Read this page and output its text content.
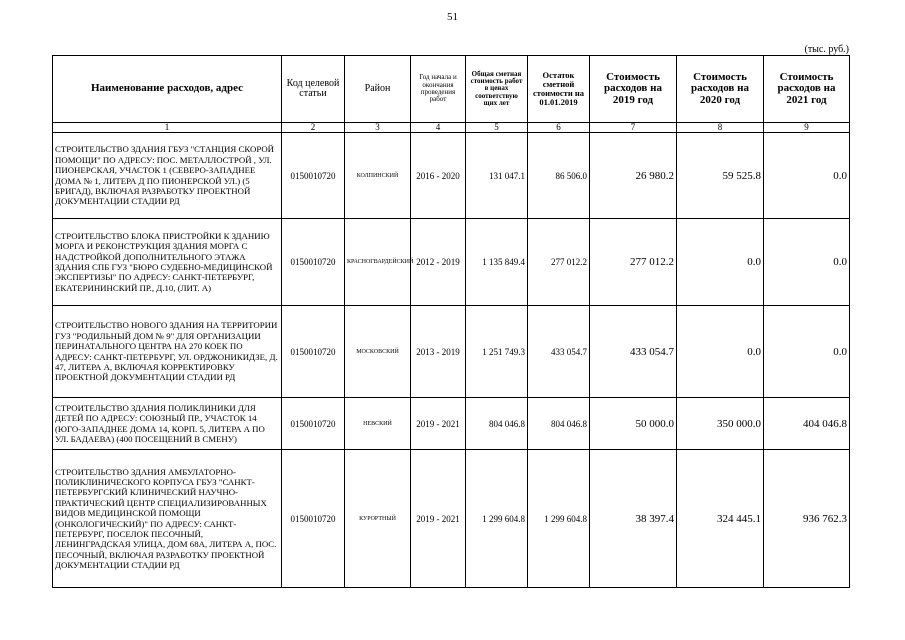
51
(тыс. руб.)
Наименование расходов, адрес	Код целевой статьи	Район	Год начала и окончания проведения работ	Общая сметная стоимость работ в ценах соответствую щих лет	Остаток сметной стоимости на 01.01.2019	Стоимость расходов на 2019 год	Стоимость расходов на 2020 год	Стоимость расходов на 2021 год
1	2	3	4	5	6	7	8	9
СТРОИТЕЛЬСТВО ЗДАНИЯ ГБУЗ "СТАНЦИЯ СКОРОЙ ПОМОЩИ" ПО АДРЕСУ: ПОС. МЕТАЛЛОСТРОЙ , УЛ. ПИОНЕРСКАЯ, УЧАСТОК 1 (СЕВЕРО-ЗАПАДНЕЕ ДОМА № 1, ЛИТЕРА Д ПО ПИОНЕРСКОЙ УЛ.) (5 БРИГАД), ВКЛЮЧАЯ РАЗРАБОТКУ ПРОЕКТНОЙ ДОКУМЕНТАЦИИ СТАДИИ РД	0150010720	КОЛПИНСКИЙ	2016 - 2020	131 047.1	86 506.0	26 980.2	59 525.8	0.0
СТРОИТЕЛЬСТВО БЛОКА ПРИСТРОЙКИ К ЗДАНИЮ МОРГА И РЕКОНСТРУКЦИЯ ЗДАНИЯ МОРГА С НАДСТРОЙКОЙ ДОПОЛНИТЕЛЬНОГО ЭТАЖА ЗДАНИЯ СПБ ГУЗ "БЮРО СУДЕБНО-МЕДИЦИНСКОЙ ЭКСПЕРТИЗЫ" ПО АДРЕСУ: САНКТ-ПЕТЕРБУРГ, ЕКАТЕРИНИНСКИЙ ПР., Д.10, (ЛИТ. А)	0150010720	КРАСНОГВАРДЕЙСКИЙ	2012 - 2019	1 135 849.4	277 012.2	277 012.2	0.0	0.0
СТРОИТЕЛЬСТВО НОВОГО ЗДАНИЯ НА ТЕРРИТОРИИ ГУЗ "РОДИЛЬНЫЙ ДОМ № 9" ДЛЯ ОРГАНИЗАЦИИ ПЕРИНАТАЛЬНОГО ЦЕНТРА НА 270 КОЕК ПО АДРЕСУ: САНКТ-ПЕТЕРБУРГ, УЛ. ОРДЖОНИКИДЗЕ, Д. 47, ЛИТЕРА А, ВКЛЮЧАЯ КОРРЕКТИРОВКУ ПРОЕКТНОЙ ДОКУМЕНТАЦИИ СТАДИИ РД	0150010720	МОСКОВСКИЙ	2013 - 2019	1 251 749.3	433 054.7	433 054.7	0.0	0.0
СТРОИТЕЛЬСТВО ЗДАНИЯ ПОЛИКЛИНИКИ ДЛЯ ДЕТЕЙ ПО АДРЕСУ: СОЮЗНЫЙ ПР., УЧАСТОК 14 (ЮГО-ЗАПАДНЕЕ ДОМА 14, КОРП. 5, ЛИТЕРА А ПО УЛ. БАДАЕВА) (400 ПОСЕЩЕНИЙ В СМЕНУ)	0150010720	НЕВСКИЙ	2019 - 2021	804 046.8	804 046.8	50 000.0	350 000.0	404 046.8
СТРОИТЕЛЬСТВО ЗДАНИЯ АМБУЛАТОРНО-ПОЛИКЛИНИЧЕСКОГО КОРПУСА ГБУЗ "САНКТ-ПЕТЕРБУРГСКИЙ КЛИНИЧЕСКИЙ НАУЧНО-ПРАКТИЧЕСКИЙ ЦЕНТР СПЕЦИАЛИЗИРОВАННЫХ ВИДОВ МЕДИЦИНСКОЙ ПОМОЩИ (ОНКОЛОГИЧЕСКИЙ)" ПО АДРЕСУ: САНКТ-ПЕТЕРБУРГ, ПОСЕЛОК ПЕСОЧНЫЙ, ЛЕНИНГРАДСКАЯ УЛИЦА, ДОМ 68А, ЛИТЕРА А, ПОС. ПЕСОЧНЫЙ, ВКЛЮЧАЯ РАЗРАБОТКУ ПРОЕКТНОЙ ДОКУМЕНТАЦИИ СТАДИИ РД	0150010720	КУРОРТНЫЙ	2019 - 2021	1 299 604.8	1 299 604.8	38 397.4	324 445.1	936 762.3
